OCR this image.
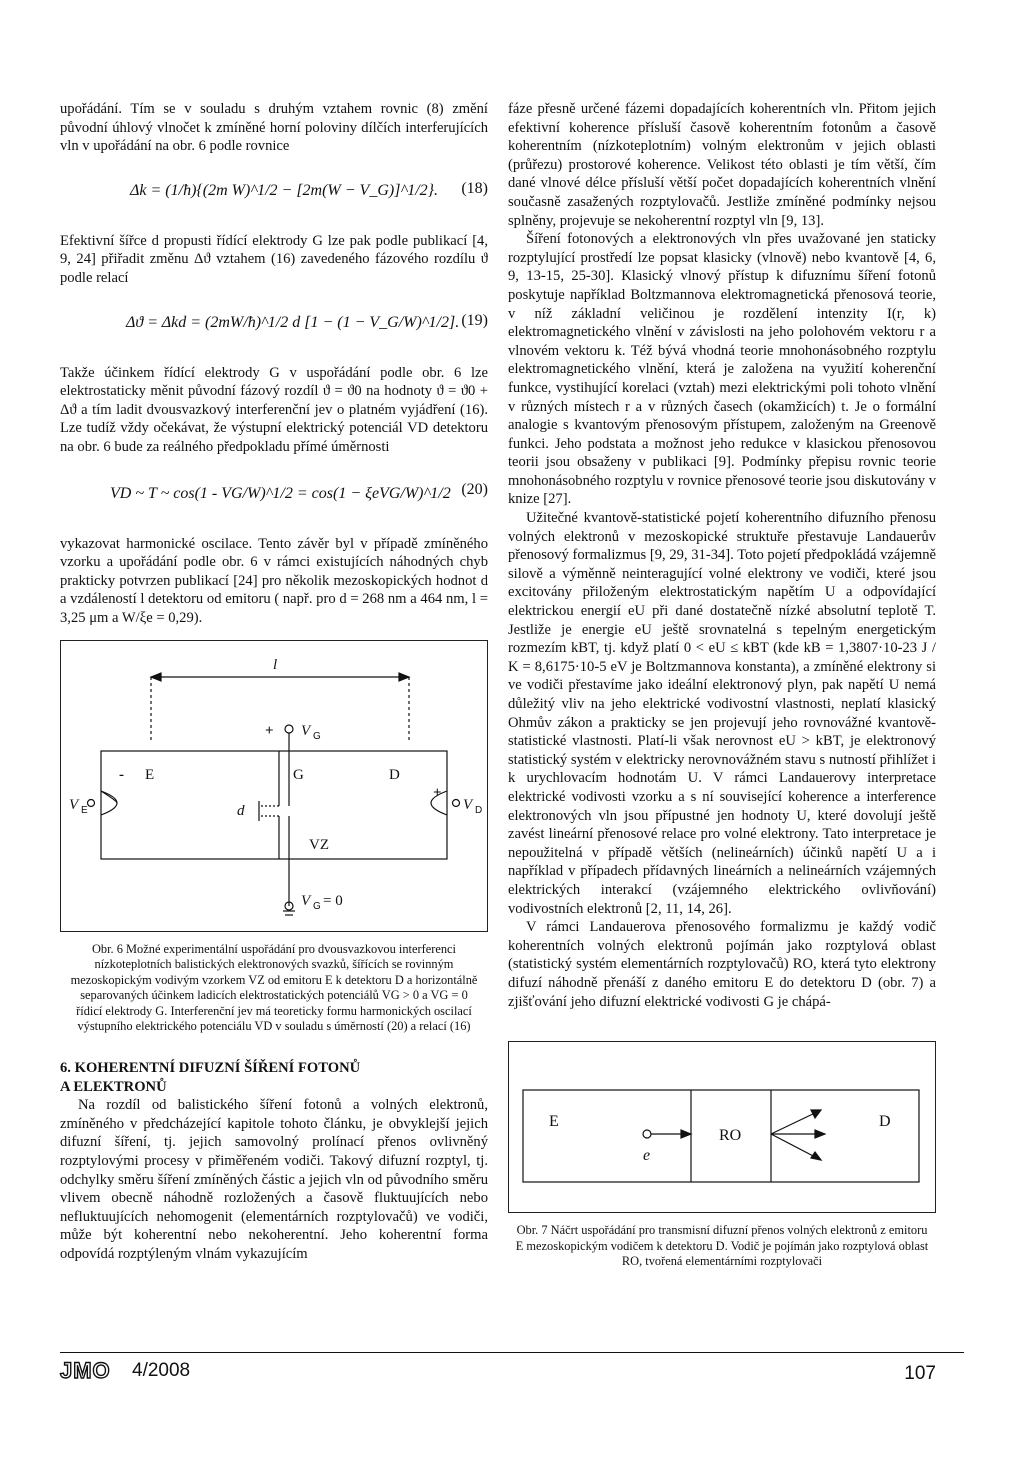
upořádání. Tím se v souladu s druhým vztahem rovnic (8) změní původní úhlový vlnočet k zmíněné horní poloviny dílčích interferujících vln v upořádání na obr. 6 podle rovnice

Δk = (1/ħ){(2m W)^1/2 − [2m(W − V_G)]^1/2}. (18)

Efektivní šířce d propusti řídící elektrody G lze pak podle publikací [4, 9, 24] přiřadit změnu Δϑ vztahem (16) zavedeného fázového rozdílu ϑ podle relací

Δϑ = Δkd = (2mW/ħ)^1/2 d [1 − (1 − V_G/W)^1/2]. (19)

Takže účinkem řídící elektrody G v uspořádání podle obr. 6 lze elektrostaticky měnit původní fázový rozdíl ϑ = ϑ0 na hodnoty ϑ = ϑ0 + Δϑ a tím ladit dvousvazkový interferenční jev o platném vyjádření (16). Lze tudíž vždy očekávat, že výstupní elektrický potenciál VD detektoru na obr. 6 bude za reálného předpokladu přímé úměrnosti

VD ~ T ~ cos(1 - VG/W)^1/2 = cos(1 − ξeVG/W)^1/2 (20)

vykazovat harmonické oscilace. Tento závěr byl v případě zmíněného vzorku a upořádání podle obr. 6 v rámci existujících náhodných chyb prakticky potvrzen publikací [24] pro několik mezoskopických hodnot d a vzdáleností l detektoru od emitoru ( např. pro d = 268 nm a 464 nm, l = 3,25 μm a W/ξe = 0,29).

l
+ V G
E
-
V E
G	D
+
V D
d
VZ
V G = 0
Obr. 6 Možné experimentální uspořádání pro dvousvazkovou interferenci nízkoteplotních balistických elektronových svazků, šířících se rovinným mezoskopickým vodivým vzorkem VZ od emitoru E k detektoru D a horizontálně separovaných účinkem ladicích elektrostatických potenciálů VG > 0 a VG = 0 řídicí elektrody G. Interferenční jev má teoreticky formu harmonických oscilací výstupního elektrického potenciálu VD v souladu s úměrností (20) a relací (16)
6. KOHERENTNÍ DIFUZNÍ ŠÍŘENÍ FOTONŮ
A ELEKTRONŮ

Na rozdíl od balistického šíření fotonů a volných elektronů, zmíněného v předcházející kapitole tohoto článku, je obvyklejší jejich difuzní šíření, tj. jejich samovolný prolínací přenos ovlivněný rozptylovými procesy v přiměřeném vodiči. Takový difuzní rozptyl, tj. odchylky směru šíření zmíněných částic a jejich vln od původního směru vlivem obecně náhodně rozložených a časově fluktuujících nebo nefluktuujících nehomogenit (elementárních rozptylovačů) ve vodiči, může být koherentní nebo nekoherentní. Jeho koherentní forma odpovídá rozptýleným vlnám vykazujícím

fáze přesně určené fázemi dopadajících koherentních vln. Přitom jejich efektivní koherence přísluší časově koherentním fotonům a časově koherentním (nízkoteplotním) volným elektronům v jejich oblasti (průřezu) prostorové koherence. Velikost této oblasti je tím větší, čím dané vlnové délce přísluší větší počet dopadajících koherentních vlnění současně zasažených rozptylovačů. Jestliže zmíněné podmínky nejsou splněny, projevuje se nekoherentní rozptyl vln [9, 13].

Šíření fotonových a elektronových vln přes uvažované jen staticky rozptylující prostředí lze popsat klasicky (vlnově) nebo kvantově [4, 6, 9, 13-15, 25-30]. Klasický vlnový přístup k difuznímu šíření fotonů poskytuje například Boltzmannova elektromagnetická přenosová teorie, v níž základní veličinou je rozdělení intenzity I(r, k) elektromagnetického vlnění v závislosti na jeho polohovém vektoru r a vlnovém vektoru k. Též bývá vhodná teorie mnohonásobného rozptylu elektromagnetického vlnění, která je založena na využití koherenční funkce, vystihující korelaci (vztah) mezi elektrickými poli tohoto vlnění v různých místech r a v různých časech (okamžicích) t. Je o formální analogie s kvantovým přenosovým přístupem, založeným na Greenově funkci. Jeho podstata a možnost jeho redukce v klasickou přenosovou teorii jsou obsaženy v publikaci [9]. Podmínky přepisu rovnic teorie mnohonásobného rozptylu v rovnice přenosové teorie jsou diskutovány v knize [27].

Užitečné kvantově-statistické pojetí koherentního difuzního přenosu volných elektronů v mezoskopické struktuře přestavuje Landauerův přenosový formalizmus [9, 29, 31-34]. Toto pojetí předpokládá vzájemně silově a výměnně neinteragující volné elektrony ve vodiči, které jsou excitovány přiloženým elektrostatickým napětím U a odpovídající elektrickou energií eU při dané dostatečně nízké absolutní teplotě T. Jestliže je energie eU ještě srovnatelná s tepelným energetickým rozmezím kBT, tj. když platí 0 < eU ≤ kBT (kde kB = 1,3807·10-23 J / K = 8,6175·10-5 eV je Boltzmannova konstanta), a zmíněné elektrony si ve vodiči přestavíme jako ideální elektronový plyn, pak napětí U nemá důležitý vliv na jeho elektrické vodivostní vlastnosti, neplatí klasický Ohmův zákon a prakticky se jen projevují jeho rovnovážné kvantově-statistické vlastnosti. Platí-li však nerovnost eU > kBT, je elektronový statistický systém v elektricky nerovnovážném stavu s nutností přihlížet i k urychlovacím hodnotám U. V rámci Landauerovy interpretace elektrické vodivosti vzorku a s ní související koherence a interference elektronových vln jsou přípustné jen hodnoty U, které dovolují ještě zavést lineární přenosové relace pro volné elektrony. Tato interpretace je nepoužitelná v případě větších (nelineárních) účinků napětí U a i například v případech přídavných lineárních a nelineárních vzájemných elektrických interakcí (vzájemného elektrického ovlivňování) vodivostních elektronů [2, 11, 14, 26].

V rámci Landauerova přenosového formalizmu je každý vodič koherentních volných elektronů pojímán jako rozptylová oblast (statistický systém elementárních rozptylovačů) RO, která tyto elektrony difuzí náhodně přenáší z daného emitoru E do detektoru D (obr. 7) a zjišťování jeho difuzní elektrické vodivosti G je chápá-

E	D
RO
e
Obr. 7 Náčrt uspořádání pro transmisní difuzní přenos volných elektronů z emitoru E mezoskopickým vodičem k detektoru D. Vodič je pojímán jako rozptylová oblast RO, tvořená elementárními rozptylovači
JMO 4/2008	107
